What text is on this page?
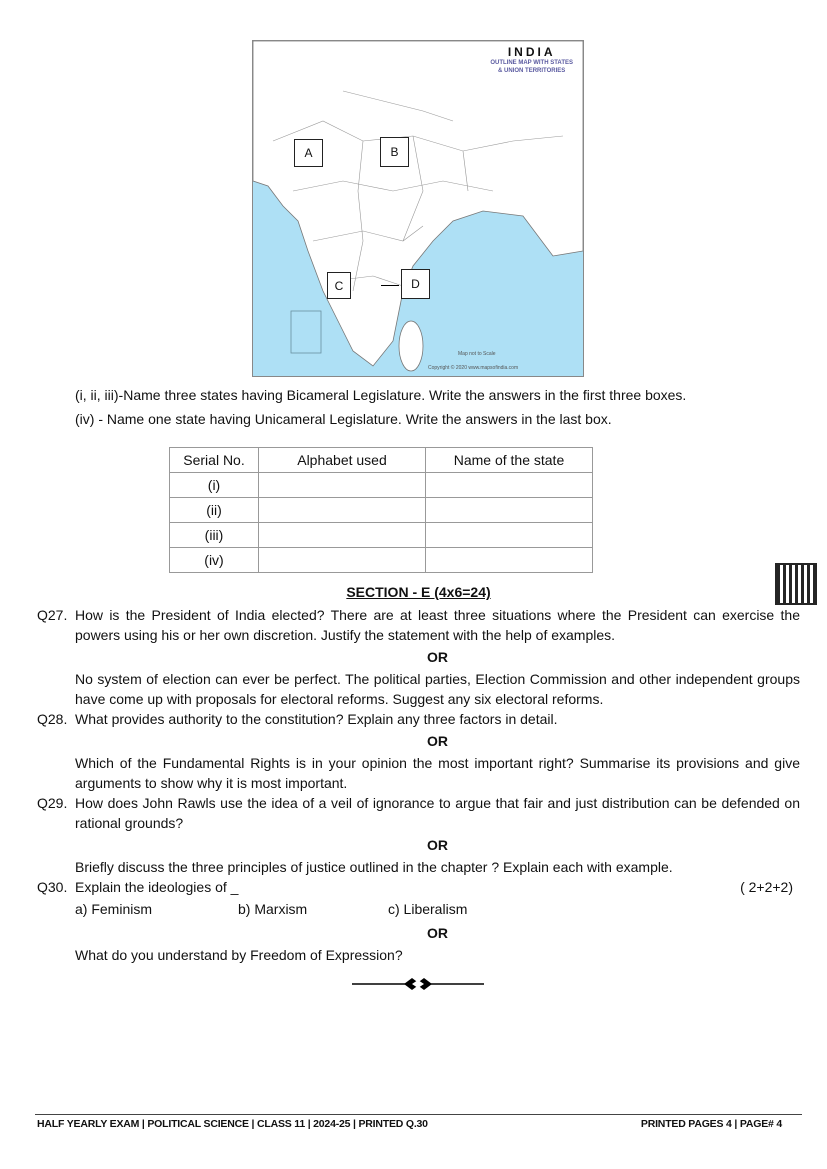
INDIA
OUTLINE MAP WITH STATES
& UNION TERRITORIES
A	B
C	D
Map not to Scale
Copyright © 2020 www.mapsofindia.com
(i, ii, iii)-Name three states having Bicameral Legislature. Write the answers in the first three boxes.
(iv) - Name one state having Unicameral Legislature. Write the answers in the last box.
Serial No.	Alphabet used	Name of the state
(i)		
(ii)		
(iii)		
(iv)		
SECTION - E (4x6=24)
Q27. How is the President of India elected? There are at least three situations where the President can exercise the powers using his or her own discretion. Justify the statement with the help of examples.
OR
No system of election can ever be perfect. The political parties, Election Commission and other independent groups have come up with proposals for electoral reforms. Suggest any six electoral reforms.
Q28. What provides authority to the constitution? Explain any three factors in detail.
OR
Which of the Fundamental Rights is in your opinion the most important right? Summarise its provisions and give arguments to show why it is most important.
Q29. How does John Rawls use the idea of a veil of ignorance to argue that fair and just distribution can be defended on rational grounds?
OR
Briefly discuss the three principles of justice outlined in the chapter ? Explain each with example.
Q30. Explain the ideologies of _	( 2+2+2)
a) Feminism	b) Marxism	c) Liberalism
OR
What do you understand by Freedom of Expression?
HALF YEARLY EXAM | POLITICAL SCIENCE | CLASS 11 | 2024-25 | PRINTED Q.30	PRINTED PAGES 4 | PAGE# 4
